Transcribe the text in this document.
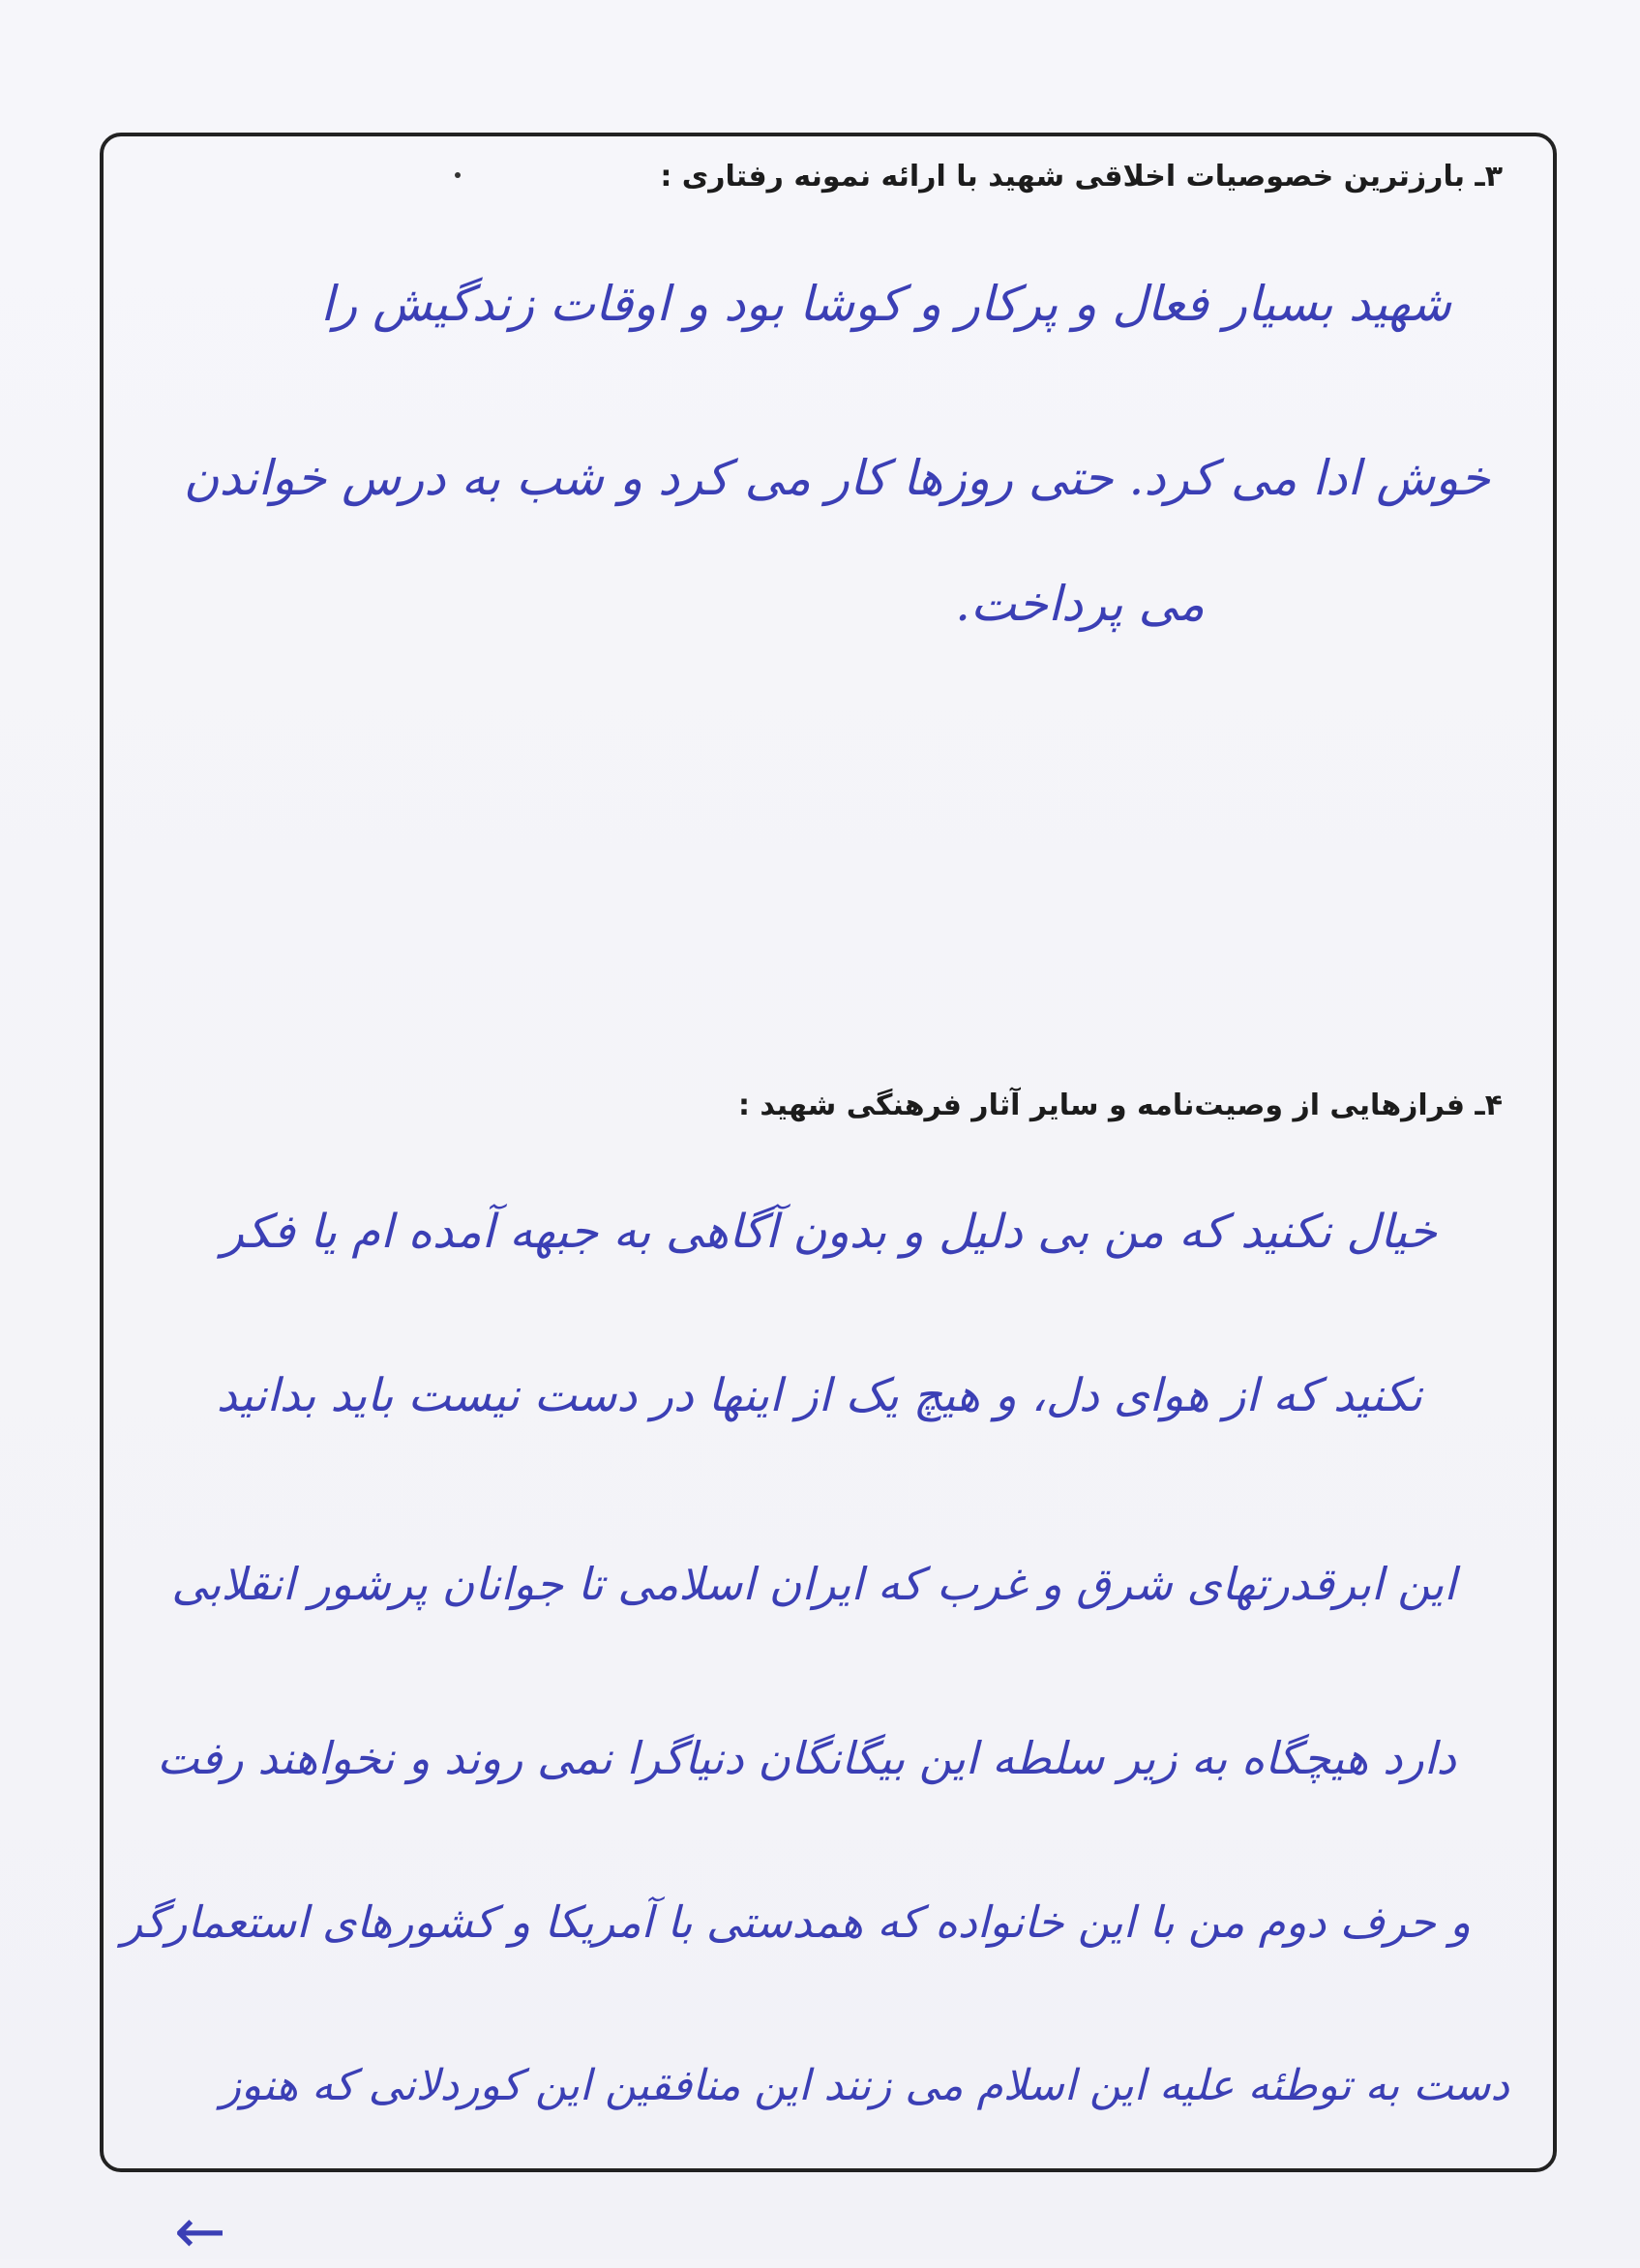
۳ـ بارزترین خصوصیات اخلاقی شهید با ارائه نمونه رفتاری :
شهید بسیار فعال و پرکار و کوشا بود و اوقات زندگیش را
خوش ادا می کرد. حتی روزها کار می کرد و شب به درس خواندن
می پرداخت.
۴ـ فرازهایی از وصیت‌نامه و سایر آثار فرهنگی شهید :
خیال نکنید که من بی دلیل و بدون آگاهی به جبهه آمده ام یا فکر
نکنید که از هوای دل، و هیچ یک از اینها در دست نیست باید بدانید
این ابرقدرتهای شرق و غرب که ایران اسلامی تا جوانان پرشور انقلابی
دارد هیچگاه به زیر سلطه این بیگانگان دنیاگرا نمی روند و نخواهند رفت
و حرف دوم من با این خانواده که همدستی با آمریکا و کشورهای استعمارگر
دست به توطئه علیه این اسلام می زنند این منافقین این کوردلانی که هنوز
←
